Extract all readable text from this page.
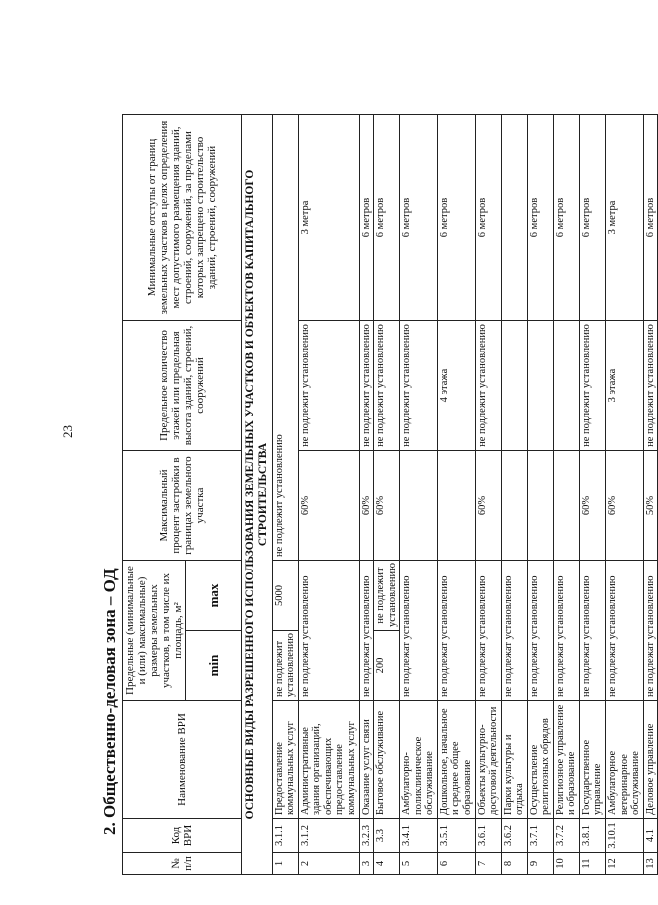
23
2. Общественно-деловая зона – ОД
№ п/п	Код ВРИ	Наименование ВРИ	Предельные (минимальные и (или) максимальные) размеры земельных участков, в том числе их площадь, м²		Максимальный процент застройки в границах земельного участка	Предельное количество этажей или предельная высота зданий, строений, сооружений	Минимальные отступы от границ земельных участков в целях определения мест допустимого размещения зданий, строений, сооружений, за пределами которых запрещено строительство зданий, строений, сооружений
			min	max			
ОСНОВНЫЕ ВИДЫ РАЗРЕШЕННОГО ИСПОЛЬЗОВАНИЯ ЗЕМЕЛЬНЫХ УЧАСТКОВ И ОБЪЕКТОВ КАПИТАЛЬНОГО СТРОИТЕЛЬСТВА							
1	3.1.1	Предоставление коммунальных услуг	не подлежит установлению	5000	не подлежит установлению		
2	3.1.2	Административные здания организаций, обеспечивающих предоставление коммунальных услуг	не подлежат установлению		60%	не подлежит установлению	3 метра
3	3.2.3	Оказание услуг связи	не подлежат установлению		60%	не подлежит установлению	6 метров
4	3.3	Бытовое обслуживание	200	не подлежит установлению	60%	не подлежит установлению	6 метров
5	3.4.1	Амбулаторно-поликлиническое обслуживание	не подлежат установлению			не подлежит установлению	6 метров
6	3.5.1	Дошкольное, начальное и среднее общее образование	не подлежат установлению			4 этажа	6 метров
7	3.6.1	Объекты культурно-досуговой деятельности	не подлежат установлению		60%	не подлежит установлению	6 метров
8	3.6.2	Парки культуры и отдыха	не подлежат установлению				
9	3.7.1	Осуществление религиозных обрядов	не подлежат установлению				6 метров
10	3.7.2	Религиозное управление и образование	не подлежат установлению				6 метров
11	3.8.1	Государственное управление	не подлежат установлению		60%	не подлежит установлению	6 метров
12	3.10.1	Амбулаторное ветеринарное обслуживание	не подлежат установлению		60%	3 этажа	3 метра
13	4.1	Деловое управление	не подлежат установлению		50%	не подлежит установлению	6 метров
